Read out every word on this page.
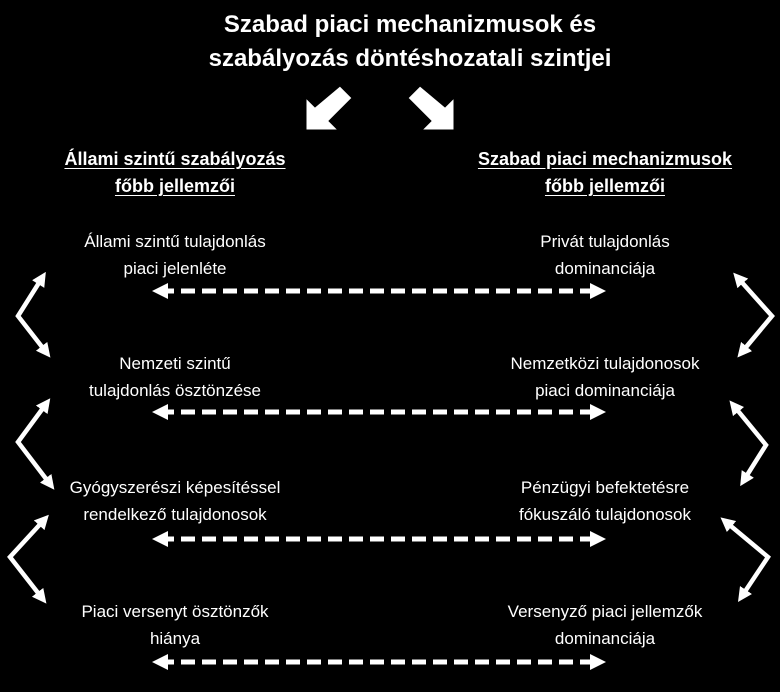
Szabad piaci mechanizmusok és
szabályozás döntéshozatali szintjei
Állami szintű szabályozás
főbb jellemzői
Szabad piaci mechanizmusok
főbb jellemzői
Állami szintű tulajdonlás
piaci jelenléte
Nemzeti szintű
tulajdonlás ösztönzése
Gyógyszerészi képesítéssel
rendelkező tulajdonosok
Piaci versenyt ösztönzők
hiánya
Privát tulajdonlás
dominanciája
Nemzetközi tulajdonosok
piaci dominanciája
Pénzügyi befektetésre
fókuszáló tulajdonosok
Versenyző piaci jellemzők
dominanciája
